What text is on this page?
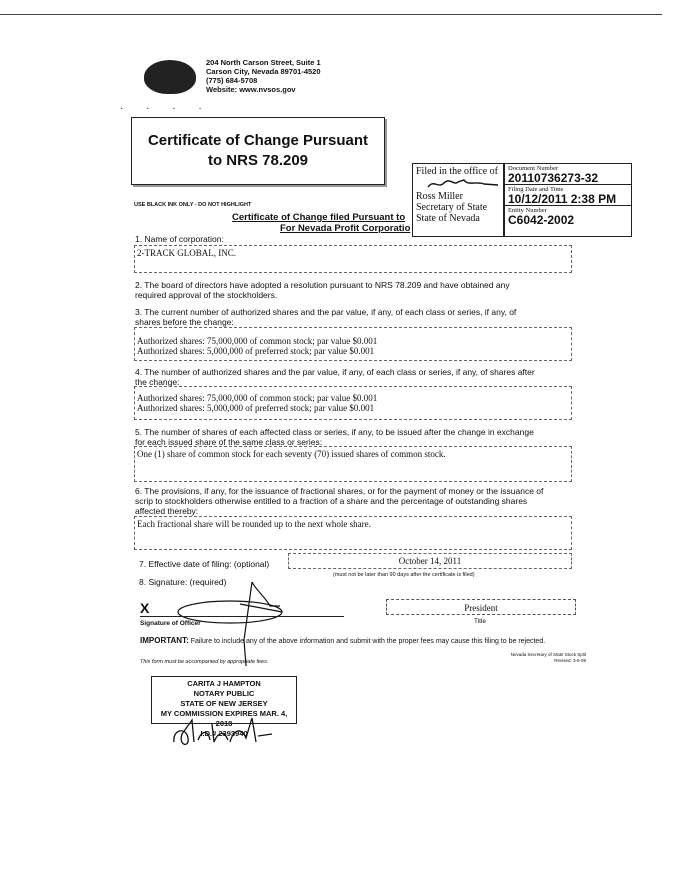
204 North Carson Street, Suite 1
Carson City, Nevada 89701-4520
(775) 684-5708
Website: www.nvsos.gov
· · · ·
Certificate of Change Pursuant
to NRS 78.209
USE BLACK INK ONLY - DO NOT HIGHLIGHT
Certificate of Change filed Pursuant to
For Nevada Profit Corporatio
Filed in the office of
Ross Miller
Secretary of State
State of Nevada
Document Number
20110736273-32
Filing Date and Time
10/12/2011 2:38 PM
Entity Number
C6042-2002
1. Name of corporation:
2-TRACK GLOBAL, INC.
2. The board of directors have adopted a resolution pursuant to NRS 78.209 and have obtained any
required approval of the stockholders.
3. The current number of authorized shares and the par value, if any, of each class or series, if any, of
shares before the change:
Authorized shares: 75,000,000 of common stock; par value $0.001
Authorized shares: 5,000,000 of preferred stock; par value $0.001
4. The number of authorized shares and the par value, if any, of each class or series, if any, of shares after
the change:
Authorized shares: 75,000,000 of common stock; par value $0.001
Authorized shares: 5,000,000 of preferred stock; par value $0.001
5. The number of shares of each affected class or series, if any, to be issued after the change in exchange
for each issued share of the same class or series:
One (1) share of common stock for each seventy (70) issued shares of common stock.
6. The provisions, if any, for the issuance of fractional shares, or for the payment of money or the issuance of
scrip to stockholders otherwise entitled to a fraction of a share and the percentage of outstanding shares
affected thereby:
Each fractional share will be rounded up to the next whole share.
7. Effective date of filing: (optional)	October 14, 2011
(must not be later than 90 days after the certificate is filed)
8. Signature: (required)
X
Signature of Officer
President
Title
IMPORTANT: Failure to include any of the above information and submit with the proper fees may cause this filing to be rejected.
This form must be accompanied by appropriate fees.
Nevada Secretary of State Stock Split
Revised: 3-6-09
CARITA J HAMPTON
NOTARY PUBLIC
STATE OF NEW JERSEY
MY COMMISSION EXPIRES MAR. 4, 2018
I.D.# 2393940
